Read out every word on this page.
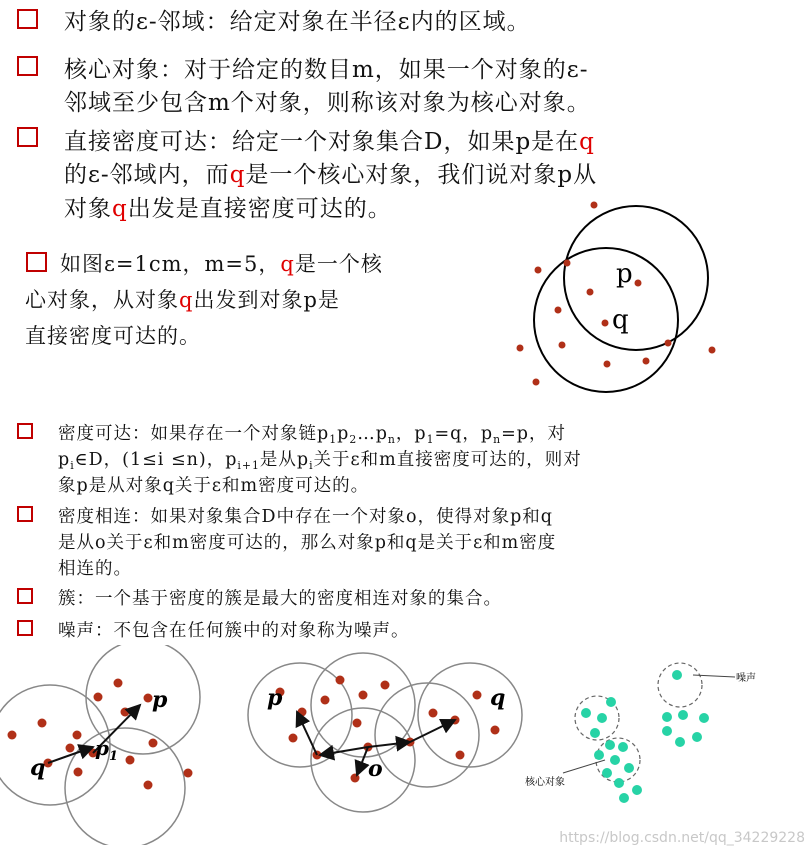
对象的ε-邻域：给定对象在半径ε内的区域。
核心对象：对于给定的数目m，如果一个对象的ε-
邻域至少包含m个对象，则称该对象为核心对象。
直接密度可达：给定一个对象集合D，如果p是在q
的ε-邻域内，而q是一个核心对象，我们说对象p从
对象q出发是直接密度可达的。
如图ε=1cm，m=5，q是一个核
心对象，从对象q出发到对象p是
直接密度可达的。
p
q
密度可达：如果存在一个对象链$p_1p_2\dots p_n$，$p_1=q$，$p_n=p$，对
$p_i\in D$，(1≤i ≤n)，$p_{i+1}$是从$p_i$关于ε和m直接密度可达的，则对
象p是从对象q关于ε和m密度可达的。
密度相连：如果对象集合D中存在一个对象o，使得对象p和q
是从o关于ε和m密度可达的，那么对象p和q是关于ε和m密度
相连的。
簇：一个基于密度的簇是最大的密度相连对象的集合。
噪声：不包含在任何簇中的对象称为噪声。
p
$p_1$
q
p	q
o
噪声
核心对象
https://blog.csdn.net/qq_34229228
